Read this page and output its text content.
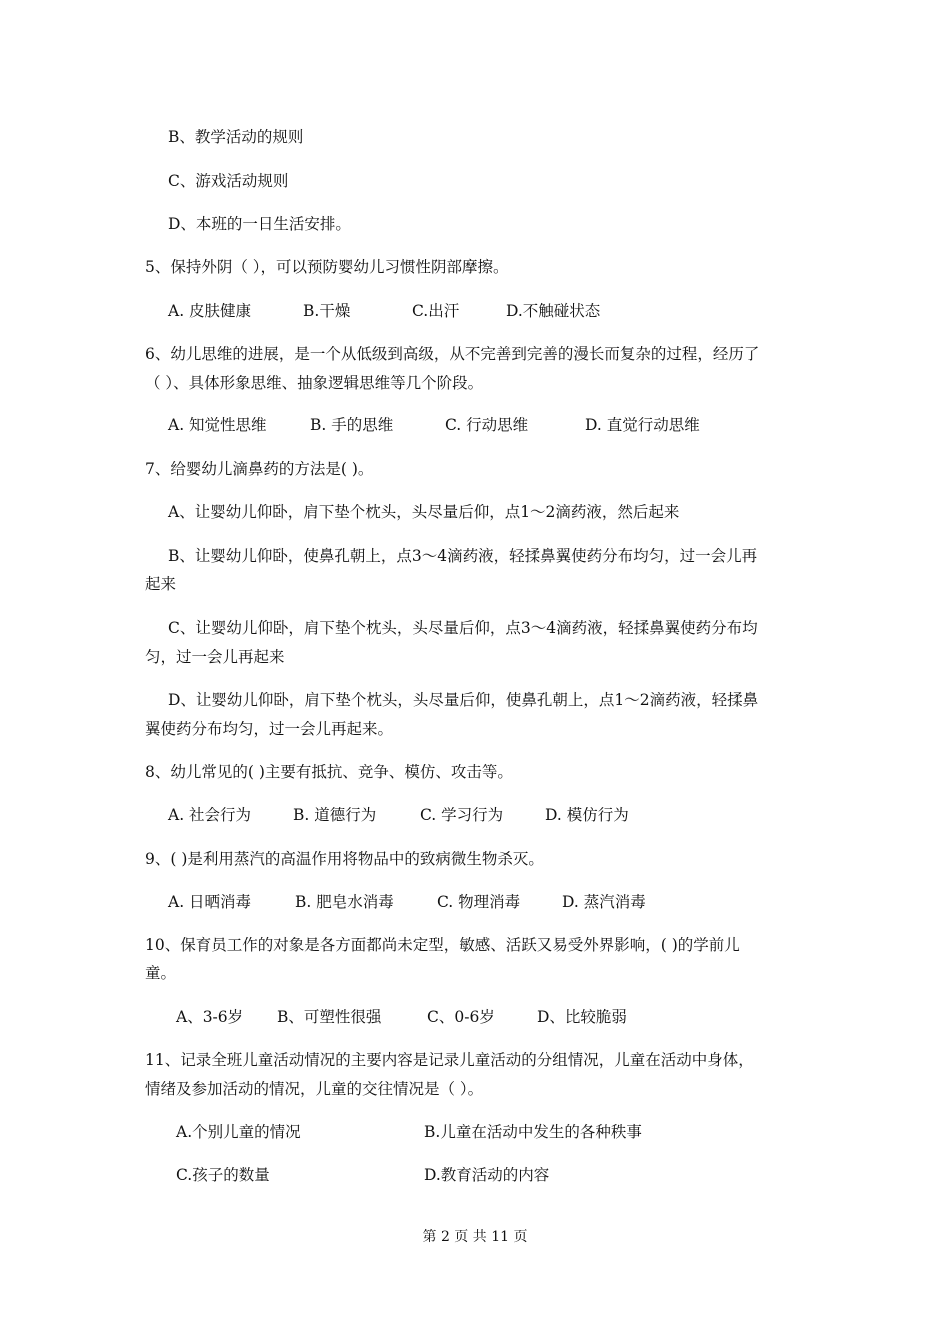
B、教学活动的规则
C、游戏活动规则
D、本班的一日生活安排。
5、保持外阴（ ），可以预防婴幼儿习惯性阴部摩擦。
A. 皮肤健康	B.干燥	C.出汗	D.不触碰状态
6、幼儿思维的进展，是一个从低级到高级，从不完善到完善的漫长而复杂的过程，经历了
（ ）、具体形象思维、抽象逻辑思维等几个阶段。
A. 知觉性思维	B. 手的思维	C. 行动思维	D. 直觉行动思维
7、给婴幼儿滴鼻药的方法是( )。
A、让婴幼儿仰卧，肩下垫个枕头，头尽量后仰，点1～2滴药液，然后起来
B、让婴幼儿仰卧，使鼻孔朝上，点3～4滴药液，轻揉鼻翼使药分布均匀，过一会儿再
起来
C、让婴幼儿仰卧，肩下垫个枕头，头尽量后仰，点3～4滴药液，轻揉鼻翼使药分布均
匀，过一会儿再起来
D、让婴幼儿仰卧，肩下垫个枕头，头尽量后仰，使鼻孔朝上，点1～2滴药液，轻揉鼻
翼使药分布均匀，过一会儿再起来。
8、幼儿常见的( )主要有抵抗、竞争、模仿、攻击等。
A. 社会行为	B. 道德行为	C. 学习行为	D. 模仿行为
9、( )是利用蒸汽的高温作用将物品中的致病微生物杀灭。
A. 日晒消毒	B. 肥皂水消毒	C. 物理消毒	D. 蒸汽消毒
10、保育员工作的对象是各方面都尚未定型，敏感、活跃又易受外界影响，( )的学前儿
童。
A、3-6岁 B、可塑性很强	C、0-6岁	D、比较脆弱
11、记录全班儿童活动情况的主要内容是记录儿童活动的分组情况，儿童在活动中身体，
情绪及参加活动的情况，儿童的交往情况是（ ）。
A.个别儿童的情况	B.儿童在活动中发生的各种秩事
C.孩子的数量	D.教育活动的内容
第 2 页 共 11 页
